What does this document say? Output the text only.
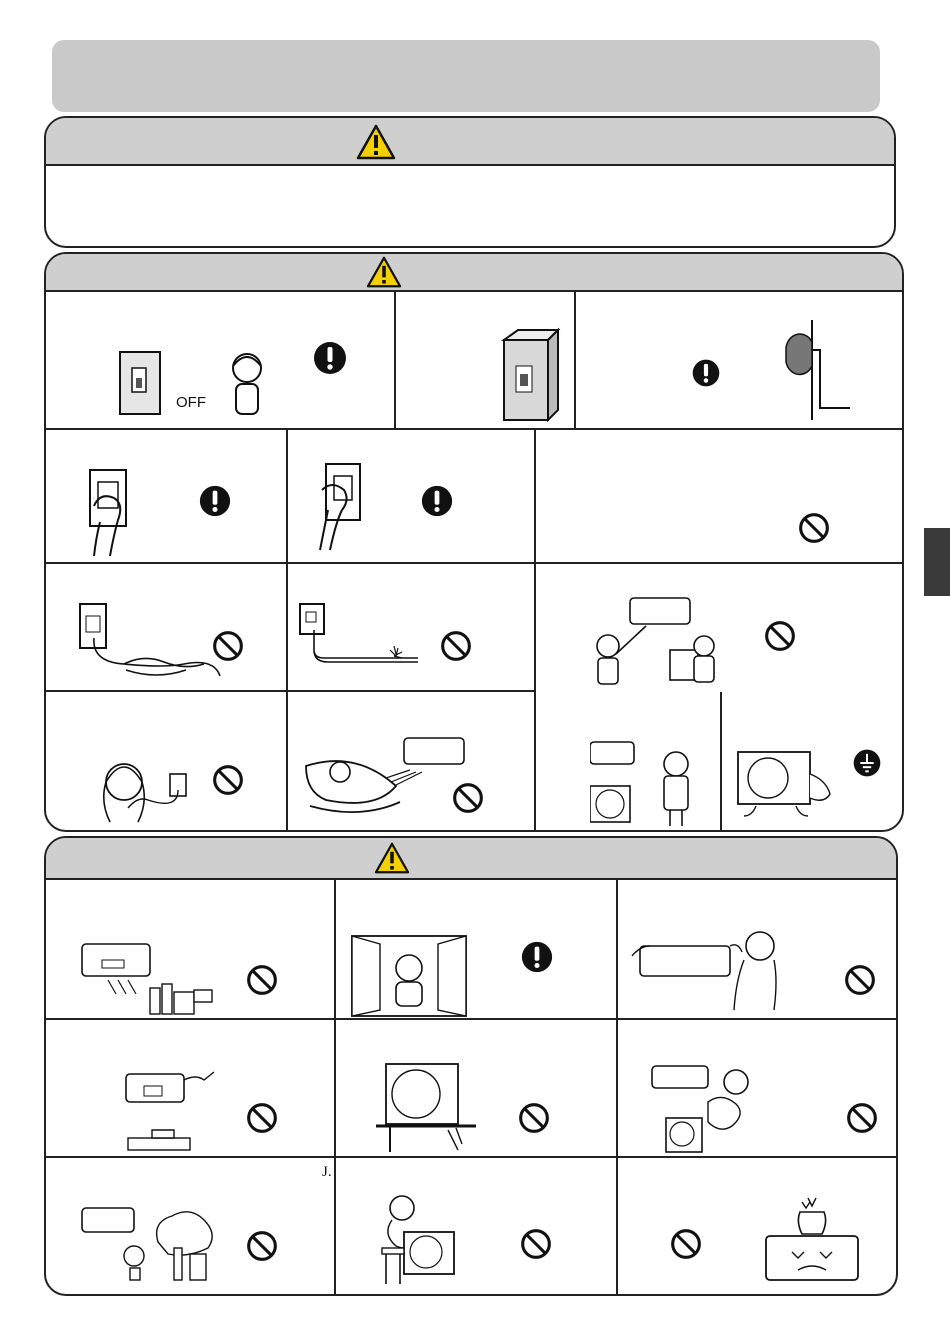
OFF
J.
